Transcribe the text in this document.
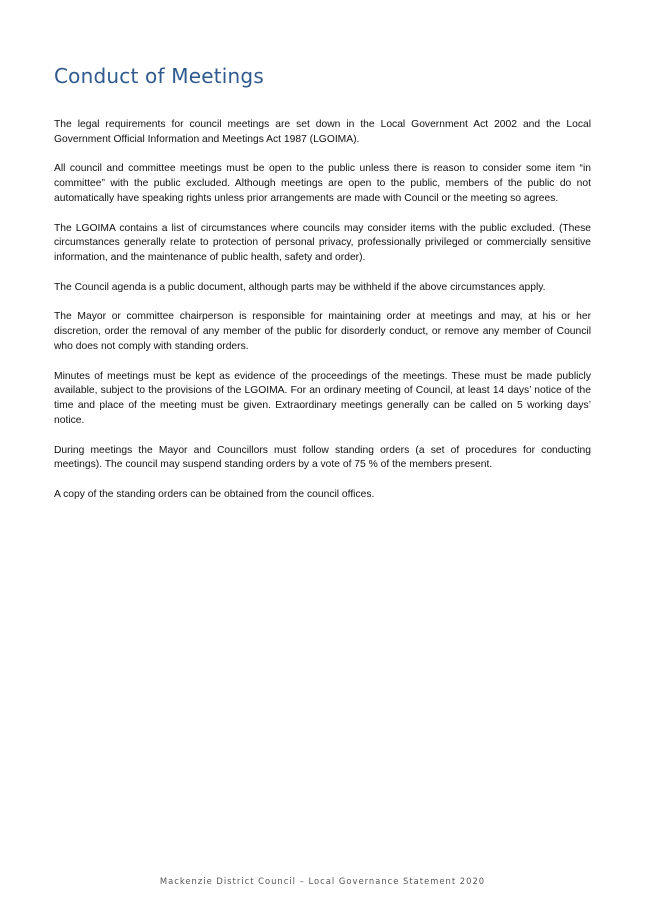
Conduct of Meetings

The legal requirements for council meetings are set down in the Local Government Act 2002 and the Local Government Official Information and Meetings Act 1987 (LGOIMA).

All council and committee meetings must be open to the public unless there is reason to consider some item “in committee” with the public excluded. Although meetings are open to the public, members of the public do not automatically have speaking rights unless prior arrangements are made with Council or the meeting so agrees.

The LGOIMA contains a list of circumstances where councils may consider items with the public excluded. (These circumstances generally relate to protection of personal privacy, professionally privileged or commercially sensitive information, and the maintenance of public health, safety and order).

The Council agenda is a public document, although parts may be withheld if the above circumstances apply.

The Mayor or committee chairperson is responsible for maintaining order at meetings and may, at his or her discretion, order the removal of any member of the public for disorderly conduct, or remove any member of Council who does not comply with standing orders.

Minutes of meetings must be kept as evidence of the proceedings of the meetings. These must be made publicly available, subject to the provisions of the LGOIMA. For an ordinary meeting of Council, at least 14 days’ notice of the time and place of the meeting must be given. Extraordinary meetings generally can be called on 5 working days’ notice.

During meetings the Mayor and Councillors must follow standing orders (a set of procedures for conducting meetings). The council may suspend standing orders by a vote of 75 % of the members present.

A copy of the standing orders can be obtained from the council offices.

Mackenzie District Council – Local Governance Statement 2020
